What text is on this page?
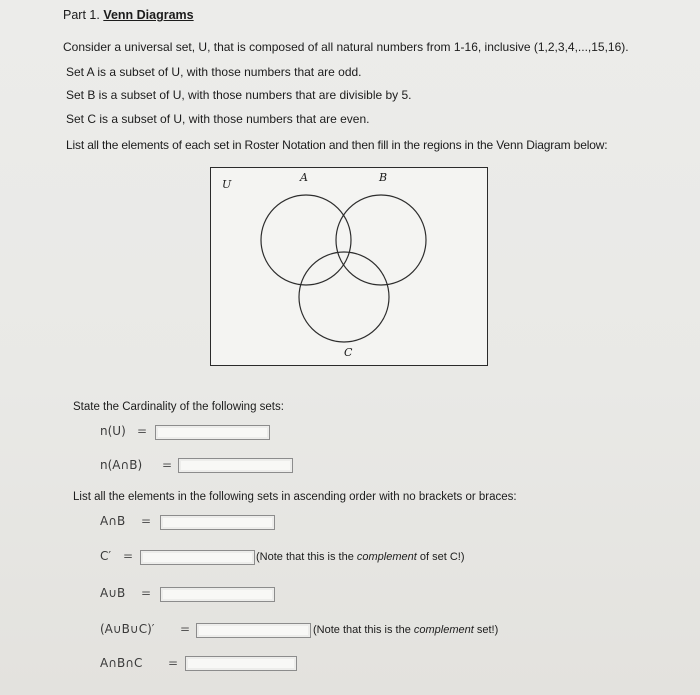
Part 1. Venn Diagrams
Consider a universal set, U, that is composed of all natural numbers from 1-16, inclusive (1,2,3,4,...,15,16).
Set A is a subset of U, with those numbers that are odd.
Set B is a subset of U, with those numbers that are divisible by 5.
Set C is a subset of U, with those numbers that are even.
List all the elements of each set in Roster Notation and then fill in the regions in the Venn Diagram below:
U
A	B
C
State the Cardinality of the following sets:
n(U) =
n(A∩B) =
List all the elements in the following sets in ascending order with no brackets or braces:
A∩B =
C′ =	(Note that this is the complement of set C!)
A∪B =
(A∪B∪C)′ =	(Note that this is the complement set!)
A∩B∩C =
